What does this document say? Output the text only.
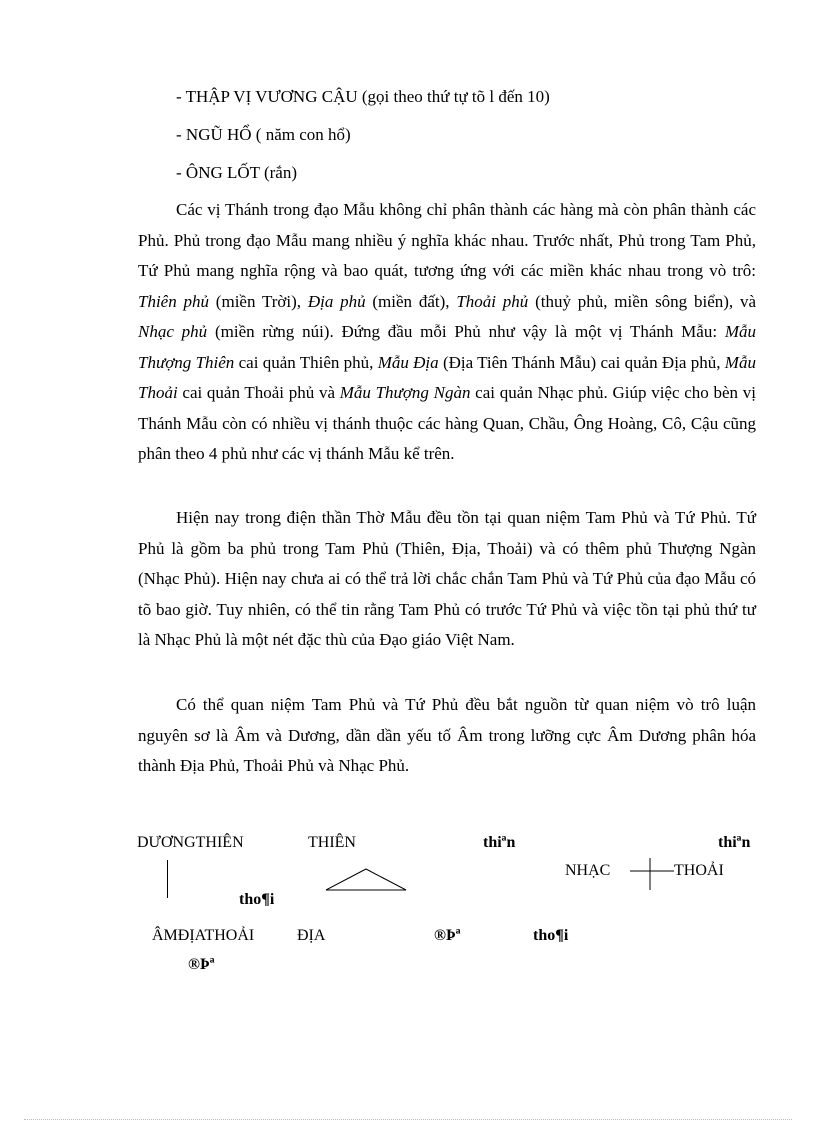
- THẬP VỊ VƯƠNG CẬU (gọi theo thứ tự tõ l đến 10)
- NGŨ HỔ ( năm con hổ)
- ÔNG LỐT (rắn)

Các vị Thánh trong đạo Mẫu không chỉ phân thành các hàng mà còn phân thành các Phủ. Phủ trong đạo Mẫu mang nhiều ý nghĩa khác nhau. Trước nhất, Phủ trong Tam Phủ, Tứ Phủ mang nghĩa rộng và bao quát, tương ứng với các miền khác nhau trong vò trô: Thiên phủ (miền Trời), Địa phủ (miền đất), Thoải phủ (thuỷ phủ, miền sông biển), và Nhạc phủ (miền rừng núi). Đứng đầu mỗi Phủ như vậy là một vị Thánh Mẫu: Mẫu Thượng Thiên cai quản Thiên phủ, Mẫu Địa (Địa Tiên Thánh Mẫu) cai quản Địa phủ, Mẫu Thoải cai quản Thoải phủ và Mẫu Thượng Ngàn cai quản Nhạc phủ. Giúp việc cho bèn vị Thánh Mẫu còn có nhiều vị thánh thuộc các hàng Quan, Chầu, Ông Hoàng, Cô, Cậu cũng phân theo 4 phủ như các vị thánh Mẫu kể trên.

Hiện nay trong điện thần Thờ Mẫu đều tồn tại quan niệm Tam Phủ và Tứ Phủ. Tứ Phủ là gồm ba phủ trong Tam Phủ (Thiên, Địa, Thoải) và có thêm phủ Thượng Ngàn (Nhạc Phủ). Hiện nay chưa ai có thể trả lời chắc chắn Tam Phủ và Tứ Phủ của đạo Mẫu có tõ bao giờ. Tuy nhiên, có thể tin rằng Tam Phủ có trước Tứ Phủ và việc tồn tại phủ thứ tư là Nhạc Phủ là một nét đặc thù của Đạo giáo Việt Nam.

Có thể quan niệm Tam Phủ và Tứ Phủ đều bắt nguồn từ quan niệm vò trô luận nguyên sơ là Âm và Dương, dần dần yếu tố Âm trong lưỡng cực Âm Dương phân hóa thành Địa Phủ, Thoải Phủ và Nhạc Phủ.

DƯƠNGTHIÊN	THIÊN	thiªn	thiªn
NHẠC	THOẢI
tho¶i
ÂMĐỊATHOẢI	ĐỊA	®Þª	tho¶i
®Þª
